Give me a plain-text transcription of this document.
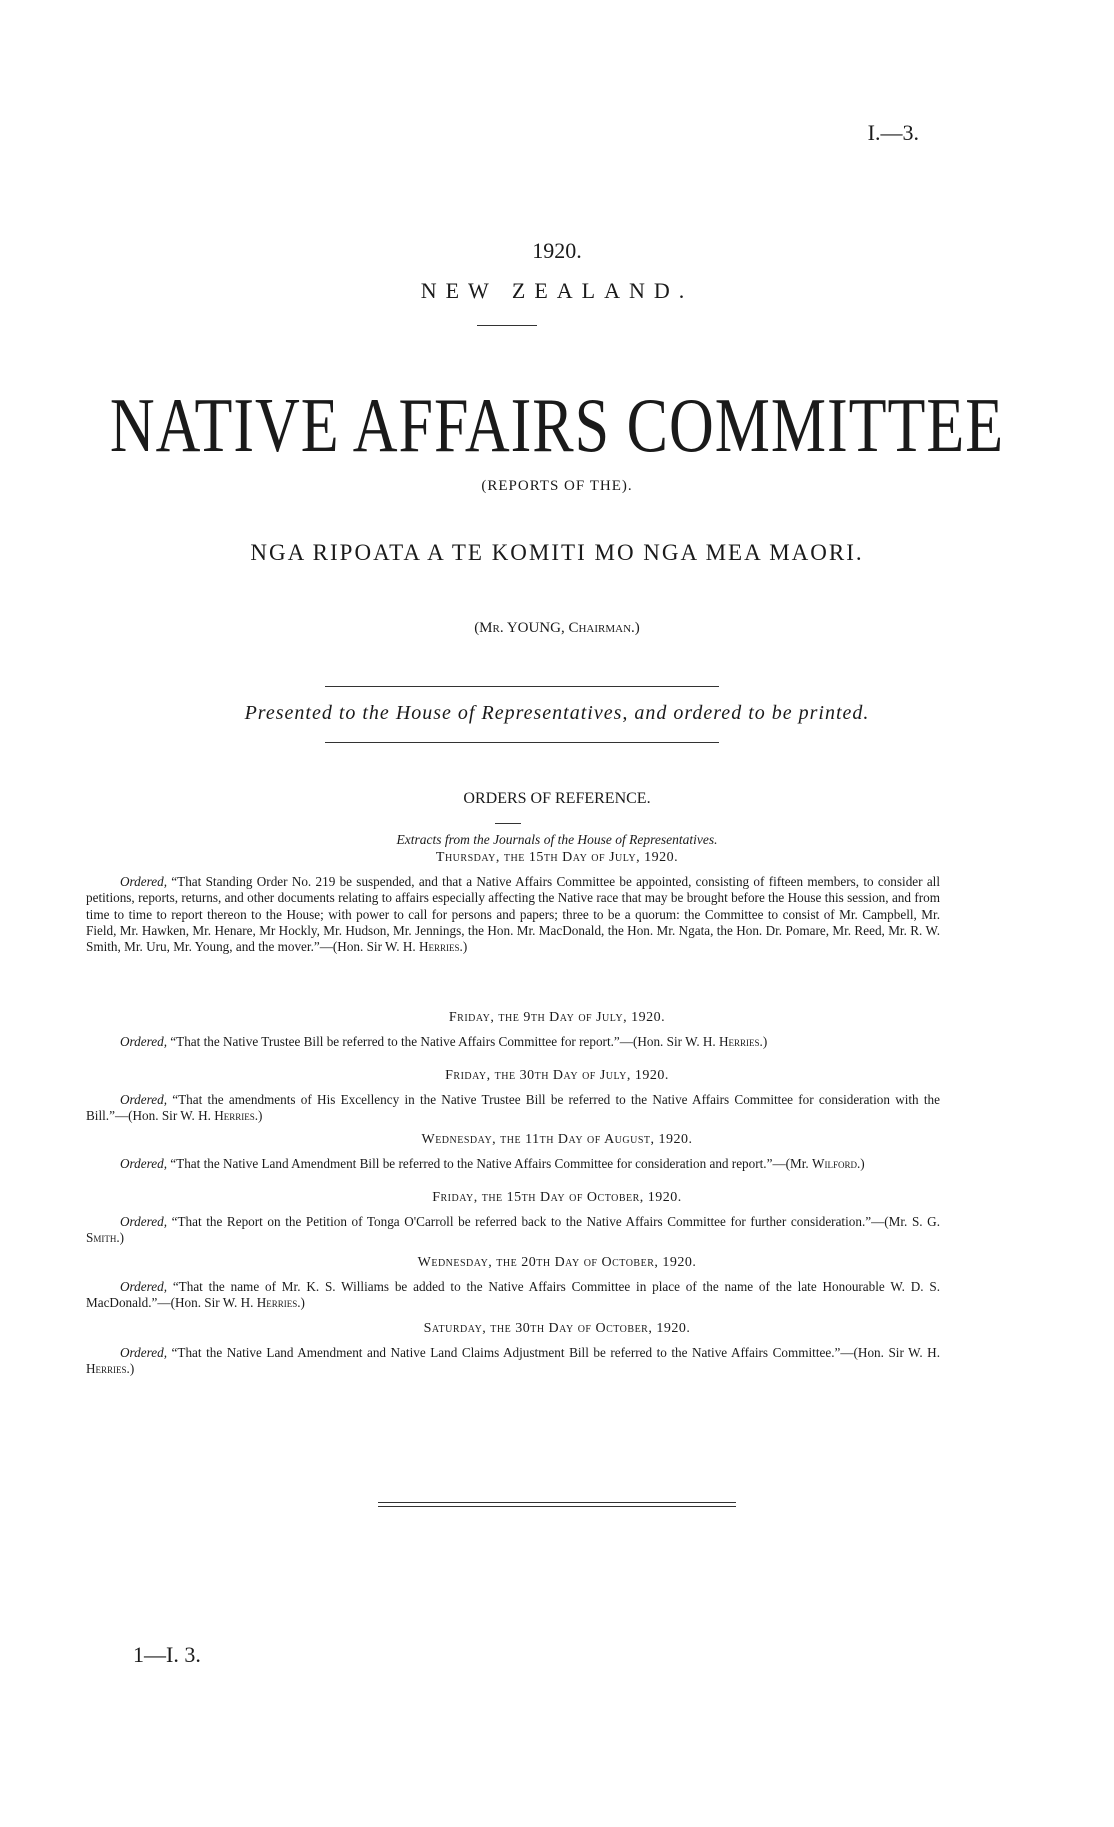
I.—3.
1920.
NEW ZEALAND.
NATIVE AFFAIRS COMMITTEE
(REPORTS OF THE).
NGA RIPOATA A TE KOMITI MO NGA MEA MAORI.
(Mr. YOUNG, Chairman.)
Presented to the House of Representatives, and ordered to be printed.
ORDERS OF REFERENCE.
Extracts from the Journals of the House of Representatives.
Thursday, the 15th Day of July, 1920.
Ordered, “That Standing Order No. 219 be suspended, and that a Native Affairs Committee be appointed, consisting of fifteen members, to consider all petitions, reports, returns, and other documents relating to affairs especially affecting the Native race that may be brought before the House this session, and from time to time to report thereon to the House; with power to call for persons and papers; three to be a quorum: the Committee to consist of Mr. Campbell, Mr. Field, Mr. Hawken, Mr. Henare, Mr Hockly, Mr. Hudson, Mr. Jennings, the Hon. Mr. MacDonald, the Hon. Mr. Ngata, the Hon. Dr. Pomare, Mr. Reed, Mr. R. W. Smith, Mr. Uru, Mr. Young, and the mover.”—(Hon. Sir W. H. Herries.)
Friday, the 9th Day of July, 1920.
Ordered, “That the Native Trustee Bill be referred to the Native Affairs Committee for report.”—(Hon. Sir W. H. Herries.)
Friday, the 30th Day of July, 1920.
Ordered, “That the amendments of His Excellency in the Native Trustee Bill be referred to the Native Affairs Committee for consideration with the Bill.”—(Hon. Sir W. H. Herries.)
Wednesday, the 11th Day of August, 1920.
Ordered, “That the Native Land Amendment Bill be referred to the Native Affairs Committee for consideration and report.”—(Mr. Wilford.)
Friday, the 15th Day of October, 1920.
Ordered, “That the Report on the Petition of Tonga O'Carroll be referred back to the Native Affairs Committee for further consideration.”—(Mr. S. G. Smith.)
Wednesday, the 20th Day of October, 1920.
Ordered, “That the name of Mr. K. S. Williams be added to the Native Affairs Committee in place of the name of the late Honourable W. D. S. MacDonald.”—(Hon. Sir W. H. Herries.)
Saturday, the 30th Day of October, 1920.
Ordered, “That the Native Land Amendment and Native Land Claims Adjustment Bill be referred to the Native Affairs Committee.”—(Hon. Sir W. H. Herries.)
1—I. 3.
